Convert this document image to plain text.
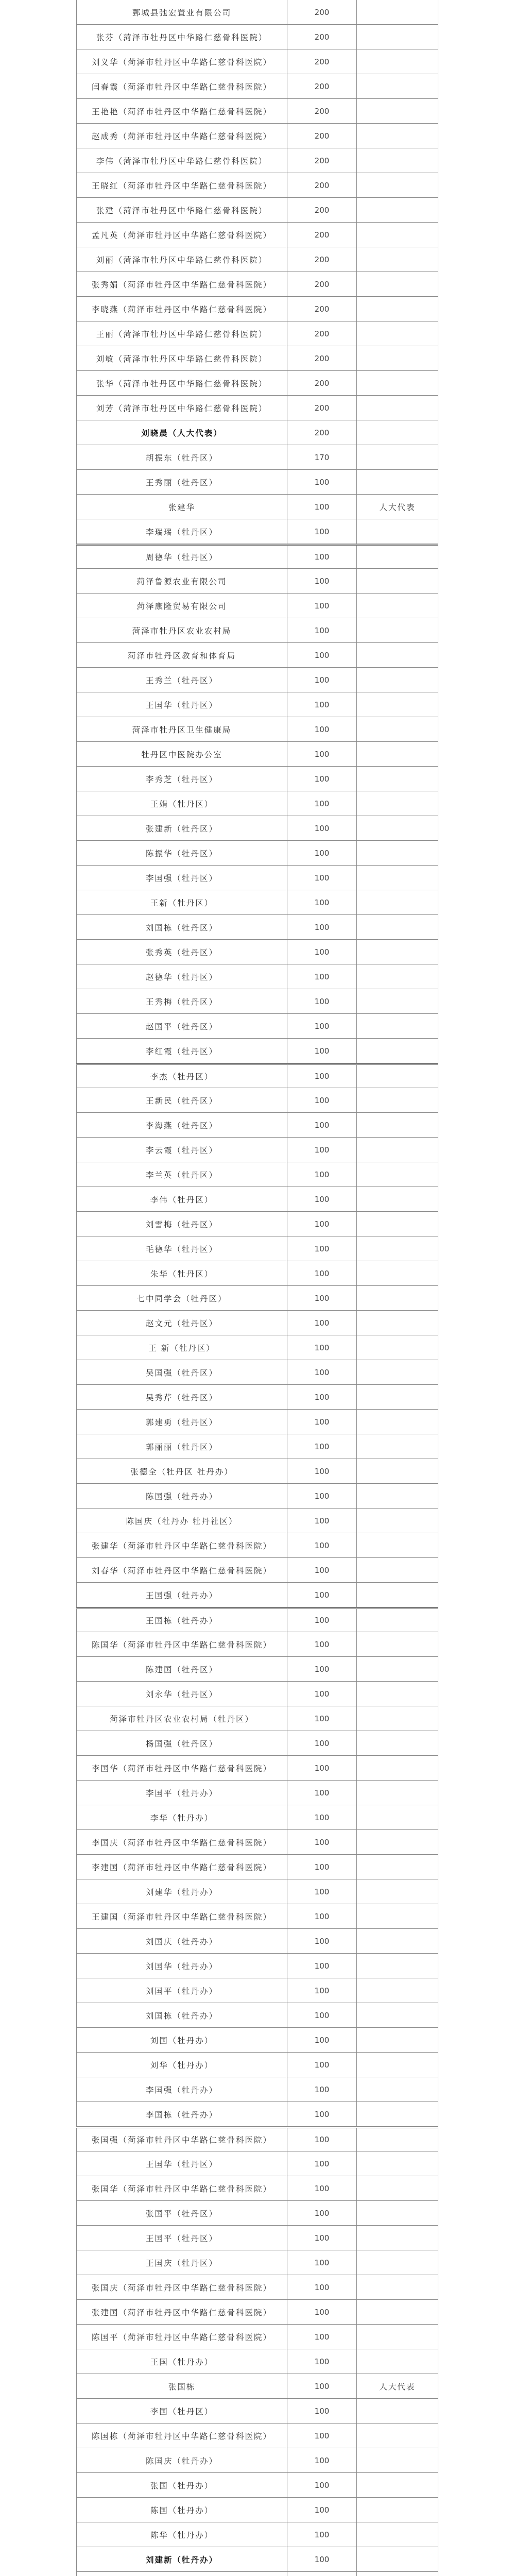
鄄城县弛宏置业有限公司	200
张芬（菏泽市牡丹区中华路仁慈骨科医院）	200
刘义华（菏泽市牡丹区中华路仁慈骨科医院）	200
闫春霞（菏泽市牡丹区中华路仁慈骨科医院）	200
王艳艳（菏泽市牡丹区中华路仁慈骨科医院）	200
赵成秀（菏泽市牡丹区中华路仁慈骨科医院）	200
李伟（菏泽市牡丹区中华路仁慈骨科医院）	200
王晓红（菏泽市牡丹区中华路仁慈骨科医院）	200
张建（菏泽市牡丹区中华路仁慈骨科医院）	200
孟凡英（菏泽市牡丹区中华路仁慈骨科医院）	200
刘丽（菏泽市牡丹区中华路仁慈骨科医院）	200
张秀娟（菏泽市牡丹区中华路仁慈骨科医院）	200
李晓燕（菏泽市牡丹区中华路仁慈骨科医院）	200
王丽（菏泽市牡丹区中华路仁慈骨科医院）	200
刘敏（菏泽市牡丹区中华路仁慈骨科医院）	200
张华（菏泽市牡丹区中华路仁慈骨科医院）	200
刘芳（菏泽市牡丹区中华路仁慈骨科医院）	200
刘晓晨（人大代表）	200
胡振东（牡丹区）	170
王秀丽（牡丹区）	100
张建华	100	人大代表
李瑞瑞（牡丹区）	100
周德华（牡丹区）	100
菏泽鲁源农业有限公司	100
菏泽康隆贸易有限公司	100
菏泽市牡丹区农业农村局	100
菏泽市牡丹区教育和体育局	100
王秀兰（牡丹区）	100
王国华（牡丹区）	100
菏泽市牡丹区卫生健康局	100
牡丹区中医院办公室	100
李秀芝（牡丹区）	100
王娟（牡丹区）	100
张建新（牡丹区）	100
陈振华（牡丹区）	100
李国强（牡丹区）	100
王新（牡丹区）	100
刘国栋（牡丹区）	100
张秀英（牡丹区）	100
赵德华（牡丹区）	100
王秀梅（牡丹区）	100
赵国平（牡丹区）	100
李红霞（牡丹区）	100
李杰（牡丹区）	100
王新民（牡丹区）	100
李海燕（牡丹区）	100
李云霞（牡丹区）	100
李兰英（牡丹区）	100
李伟（牡丹区）	100
刘雪梅（牡丹区）	100
毛德华（牡丹区）	100
朱华（牡丹区）	100
七中同学会（牡丹区）	100
赵文元（牡丹区）	100
王 新（牡丹区）	100
吴国强（牡丹区）	100
吴秀芹（牡丹区）	100
郭建勇（牡丹区）	100
郭丽丽（牡丹区）	100
张德全（牡丹区 牡丹办）	100
陈国强（牡丹办）	100
陈国庆（牡丹办 牡丹社区）	100
张建华（菏泽市牡丹区中华路仁慈骨科医院）	100
刘春华（菏泽市牡丹区中华路仁慈骨科医院）	100
王国强（牡丹办）	100
王国栋（牡丹办）	100
陈国华（菏泽市牡丹区中华路仁慈骨科医院）	100
陈建国（牡丹区）	100
刘永华（牡丹区）	100
菏泽市牡丹区农业农村局（牡丹区）	100
杨国强（牡丹区）	100
李国华（菏泽市牡丹区中华路仁慈骨科医院）	100
李国平（牡丹办）	100
李华（牡丹办）	100
李国庆（菏泽市牡丹区中华路仁慈骨科医院）	100
李建国（菏泽市牡丹区中华路仁慈骨科医院）	100
刘建华（牡丹办）	100
王建国（菏泽市牡丹区中华路仁慈骨科医院）	100
刘国庆（牡丹办）	100
刘国华（牡丹办）	100
刘国平（牡丹办）	100
刘国栋（牡丹办）	100
刘国（牡丹办）	100
刘华（牡丹办）	100
李国强（牡丹办）	100
李国栋（牡丹办）	100
张国强（菏泽市牡丹区中华路仁慈骨科医院）	100
王国华（牡丹区）	100
张国华（菏泽市牡丹区中华路仁慈骨科医院）	100
张国平（牡丹区）	100
王国平（牡丹区）	100
王国庆（牡丹区）	100
张国庆（菏泽市牡丹区中华路仁慈骨科医院）	100
张建国（菏泽市牡丹区中华路仁慈骨科医院）	100
陈国平（菏泽市牡丹区中华路仁慈骨科医院）	100
王国（牡丹办）	100
张国栋	100	人大代表
李国（牡丹区）	100
陈国栋（菏泽市牡丹区中华路仁慈骨科医院）	100
陈国庆（牡丹办）	100
张国（牡丹办）	100
陈国（牡丹办）	100
陈华（牡丹办）	100
刘建新（牡丹办）	100
